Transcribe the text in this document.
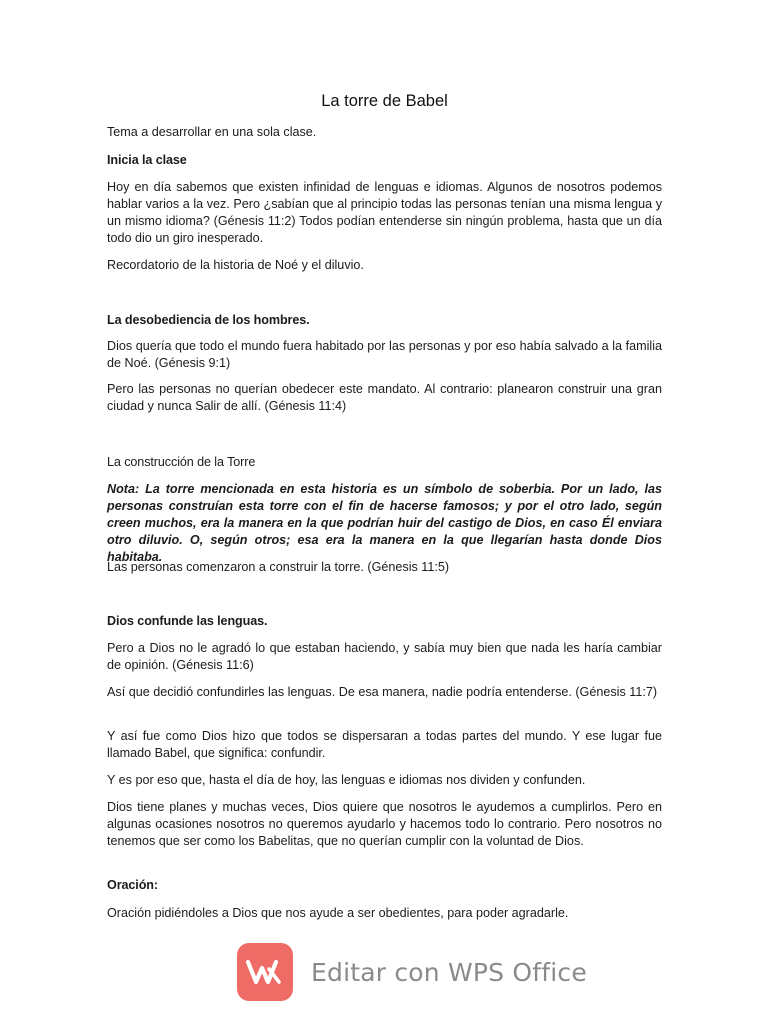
La torre de Babel

Tema a desarrollar en una sola clase.

Inicia la clase

Hoy en día sabemos que existen infinidad de lenguas e idiomas. Algunos de nosotros podemos hablar varios a la vez. Pero ¿sabían que al principio todas las personas tenían una misma lengua y un mismo idioma? (Génesis 11:2) Todos podían entenderse sin ningún problema, hasta que un día todo dio un giro inesperado.

Recordatorio de la historia de Noé y el diluvio.

La desobediencia de los hombres.

Dios quería que todo el mundo fuera habitado por las personas y por eso había salvado a la familia de Noé. (Génesis 9:1)

Pero las personas no querían obedecer este mandato. Al contrario: planearon construir una gran ciudad y nunca Salir de allí. (Génesis 11:4)

La construcción de la Torre

Nota: La torre mencionada en esta historia es un símbolo de soberbia. Por un lado, las personas construían esta torre con el fin de hacerse famosos; y por el otro lado, según creen muchos, era la manera en la que podrían huir del castigo de Dios, en caso Él enviara otro diluvio. O, según otros; esa era la manera en la que llegarían hasta donde Dios habitaba.

Las personas comenzaron a construir la torre. (Génesis 11:5)

Dios confunde las lenguas.

Pero a Dios no le agradó lo que estaban haciendo, y sabía muy bien que nada les haría cambiar de opinión. (Génesis 11:6)

Así que decidió confundirles las lenguas. De esa manera, nadie podría entenderse. (Génesis 11:7)

Y así fue como Dios hizo que todos se dispersaran a todas partes del mundo. Y ese lugar fue llamado Babel, que significa: confundir.

Y es por eso que, hasta el día de hoy, las lenguas e idiomas nos dividen y confunden.

Dios tiene planes y muchas veces, Dios quiere que nosotros le ayudemos a cumplirlos. Pero en algunas ocasiones nosotros no queremos ayudarlo y hacemos todo lo contrario. Pero nosotros no tenemos que ser como los Babelitas, que no querían cumplir con la voluntad de Dios.

Oración:

Oración pidiéndoles a Dios que nos ayude a ser obedientes, para poder agradarle.

Editar con WPS Office
